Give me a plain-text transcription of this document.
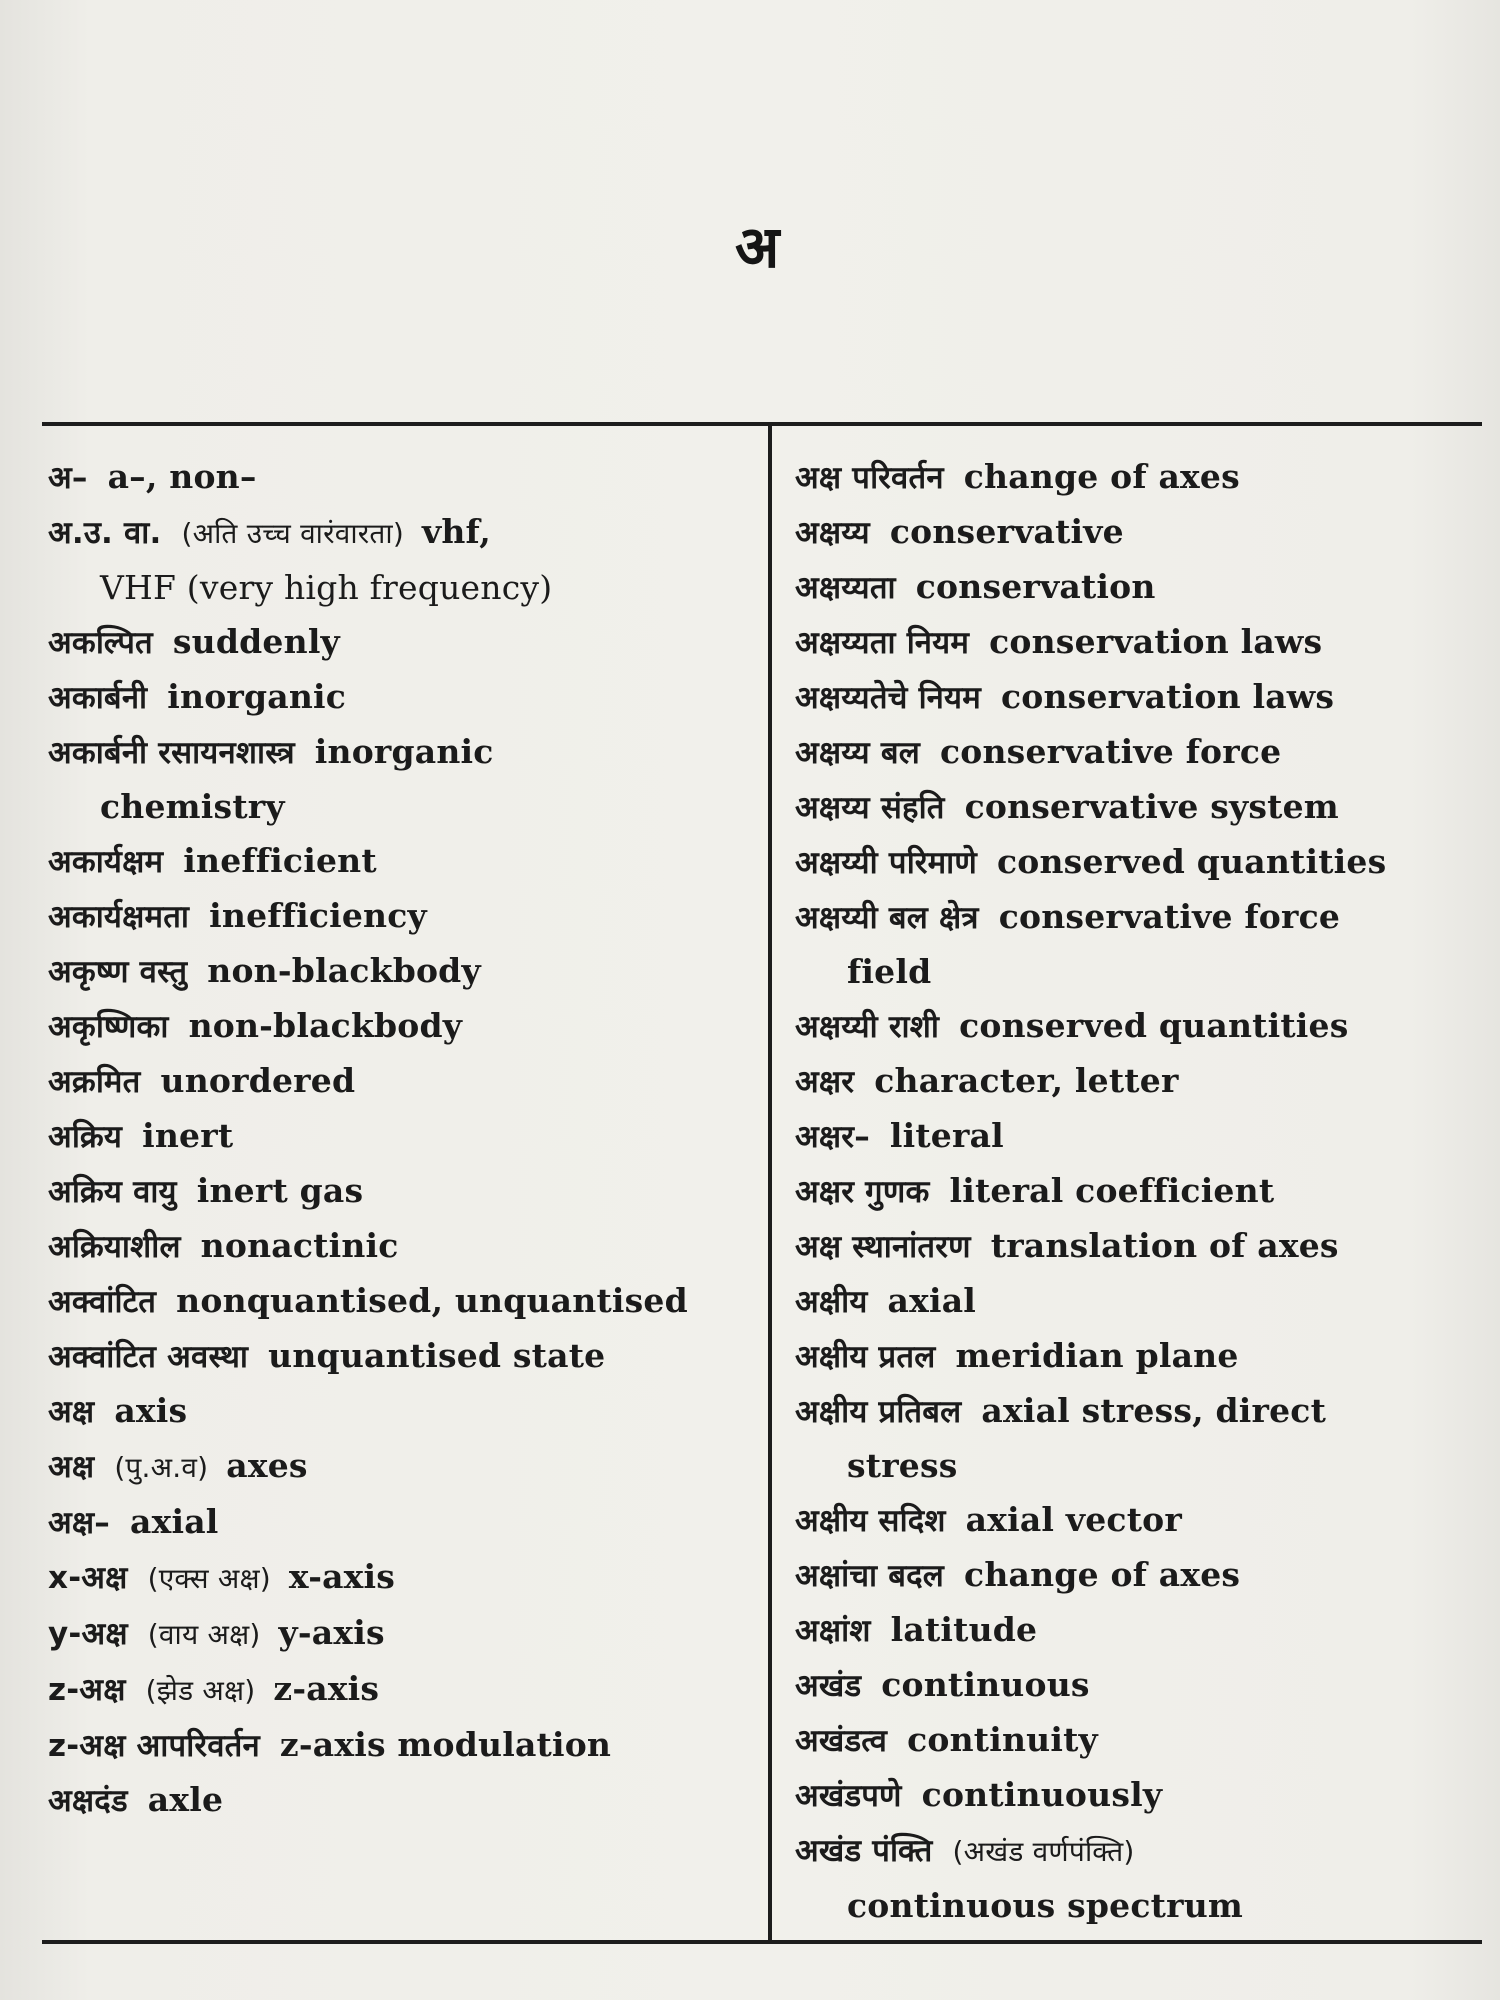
अ
अ– a–, non–
अ.उ. वा. (अति उच्च वारंवारता) vhf,
VHF (very high frequency)
अकल्पित suddenly
अकार्बनी inorganic
अकार्बनी रसायनशास्त्र inorganic
chemistry
अकार्यक्षम inefficient
अकार्यक्षमता inefficiency
अकृष्ण वस्तु non-blackbody
अकृष्णिका non-blackbody
अक्रमित unordered
अक्रिय inert
अक्रिय वायु inert gas
अक्रियाशील nonactinic
अक्वांटित nonquantised, unquantised
अक्वांटित अवस्था unquantised state
अक्ष axis
अक्ष (पु.अ.व) axes
अक्ष– axial
x-अक्ष (एक्स अक्ष) x-axis
y-अक्ष (वाय अक्ष) y-axis
z-अक्ष (झेड अक्ष) z-axis
z-अक्ष आपरिवर्तन z-axis modulation
अक्षदंड axle
अक्ष परिवर्तन change of axes
अक्षय्य conservative
अक्षय्यता conservation
अक्षय्यता नियम conservation laws
अक्षय्यतेचे नियम conservation laws
अक्षय्य बल conservative force
अक्षय्य संहति conservative system
अक्षय्यी परिमाणे conserved quantities
अक्षय्यी बल क्षेत्र conservative force
field
अक्षय्यी राशी conserved quantities
अक्षर character, letter
अक्षर– literal
अक्षर गुणक literal coefficient
अक्ष स्थानांतरण translation of axes
अक्षीय axial
अक्षीय प्रतल meridian plane
अक्षीय प्रतिबल axial stress, direct
stress
अक्षीय सदिश axial vector
अक्षांचा बदल change of axes
अक्षांश latitude
अखंड continuous
अखंडत्व continuity
अखंडपणे continuously
अखंड पंक्ति (अखंड वर्णपंक्ति)
continuous spectrum
